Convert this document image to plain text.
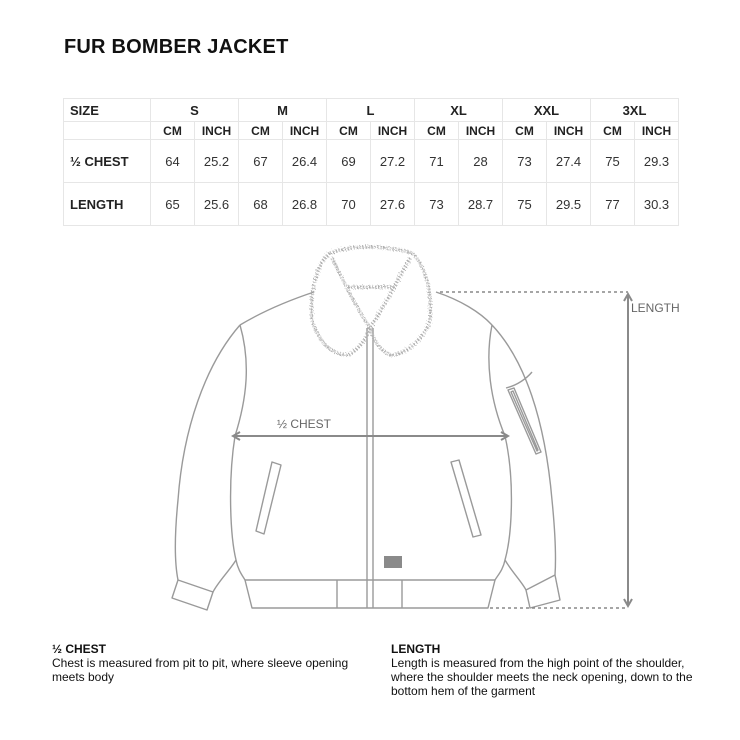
FUR BOMBER JACKET
SIZE	S		M		L		XL		XXL		3XL	
	CM	INCH	CM	INCH	CM	INCH	CM	INCH	CM	INCH	CM	INCH
½ CHEST	64	25.2	67	26.4	69	27.2	71	28	73	27.4	75	29.3
LENGTH	65	25.6	68	26.8	70	27.6	73	28.7	75	29.5	77	30.3
½ CHEST
LENGTH
½ CHEST
Chest is measured from pit to pit, where sleeve opening meets body
LENGTH
Length is measured from the high point of the shoulder, where the shoulder meets the neck opening, down to the bottom hem of the garment
